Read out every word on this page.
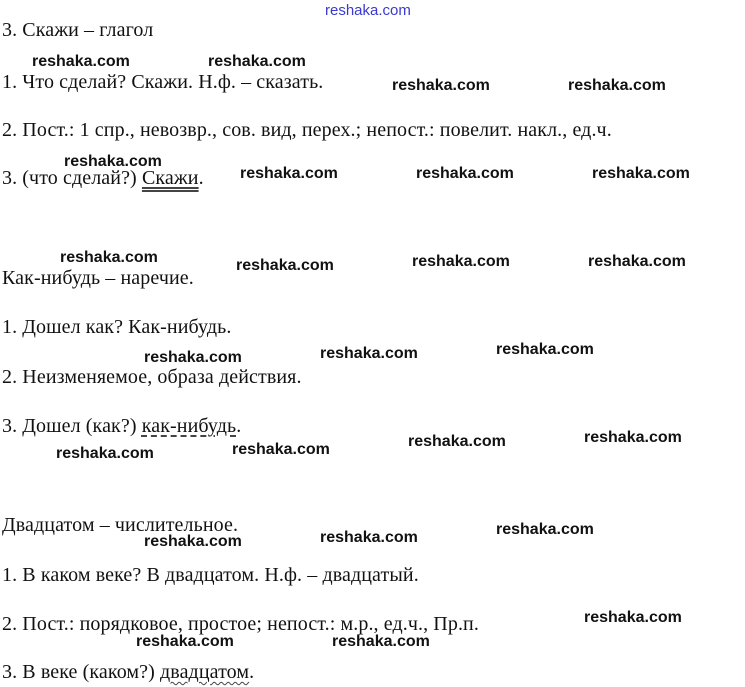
reshaka.com
3. Скажи – глагол
1. Что сделай? Скажи. Н.ф. – сказать.
2. Пост.: 1 спр., невозвр., сов. вид, перех.; непост.: повелит. накл., ед.ч.
3. (что сделай?) Скажи.
Как-нибудь – наречие.
1. Дошел как? Как-нибудь.
2. Неизменяемое, образа действия.
3. Дошел (как?) как-нибудь.
Двадцатом – числительное.
1. В каком веке? В двадцатом. Н.ф. – двадцатый.
2. Пост.: порядковое, простое; непост.: м.р., ед.ч., Пр.п.
3. В веке (каком?) двадцатом.
reshaka.com	reshaka.com
reshaka.com	reshaka.com
reshaka.com
reshaka.com	reshaka.com	reshaka.com
reshaka.com	reshaka.com	reshaka.com	reshaka.com
reshaka.com	reshaka.com	reshaka.com
reshaka.com	reshaka.com
reshaka.com	reshaka.com
reshaka.com
reshaka.com
reshaka.com
reshaka.com
reshaka.com	reshaka.com
